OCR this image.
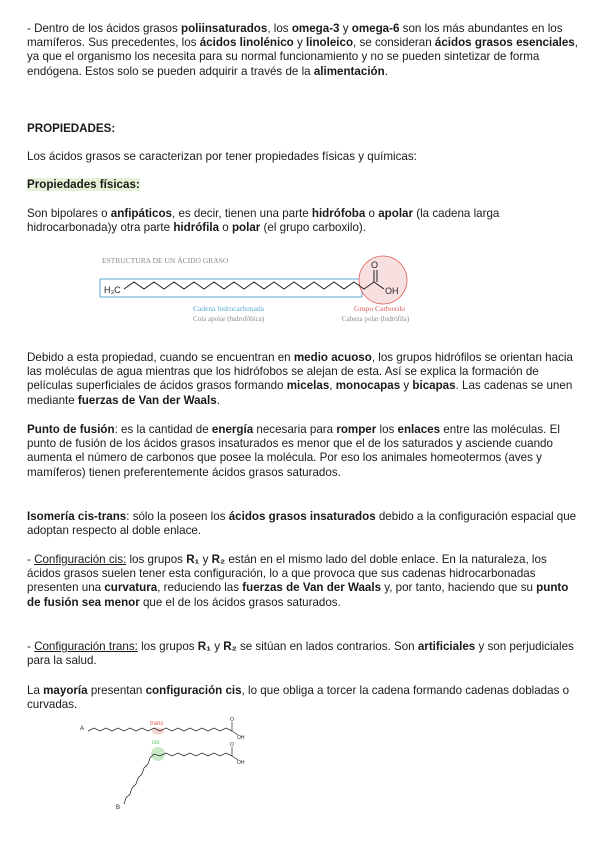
- Dentro de los ácidos grasos poliinsaturados, los omega-3 y omega-6 son los más abundantes en los mamíferos. Sus precedentes, los ácidos linolénico y linoleico, se consideran ácidos grasos esenciales, ya que el organismo los necesita para su normal funcionamiento y no se pueden sintetizar de forma endógena. Estos solo se pueden adquirir a través de la alimentación.

PROPIEDADES:

Los ácidos grasos se caracterizan por tener propiedades físicas y químicas:

Propiedades físicas:

Son bipolares o anfipáticos, es decir, tienen una parte hidrófoba o apolar (la cadena larga hidrocarbonada)y otra parte hidrófila o polar (el grupo carboxilo).

ESTRUCTURA DE UN ÁCIDO GRASO
H₃C
O
OH
Cadena hidrocarbonada
Cola apolar (hidrofóbica)
Grupo Carboxilo
Cabeza polar (hidrófila)

Debido a esta propiedad, cuando se encuentran en medio acuoso, los grupos hidrófilos se orientan hacia las moléculas de agua mientras que los hidrófobos se alejan de esta. Así se explica la formación de películas superficiales de ácidos grasos formando micelas, monocapas y bicapas. Las cadenas se unen mediante fuerzas de Van der Waals.

Punto de fusión: es la cantidad de energía necesaria para romper los enlaces entre las moléculas. El punto de fusión de los ácidos grasos insaturados es menor que el de los saturados y asciende cuando aumenta el número de carbonos que posee la molécula. Por eso los animales homeotermos (aves y mamíferos) tienen preferentemente ácidos grasos saturados.

Isomería cis-trans: sólo la poseen los ácidos grasos insaturados debido a la configuración espacial que adoptan respecto al doble enlace.

- Configuración cis: los grupos R₁ y R₂ están en el mismo lado del doble enlace. En la naturaleza, los ácidos grasos suelen tener esta configuración, lo a que provoca que sus cadenas hidrocarbonadas presenten una curvatura, reduciendo las fuerzas de Van der Waals y, por tanto, haciendo que su punto de fusión sea menor que el de los ácidos grasos saturados.

- Configuración trans: los grupos R₁ y R₂ se sitúan en lados contrarios. Son artificiales y son perjudiciales para la salud.

La mayoría presentan configuración cis, lo que obliga a torcer la cadena formando cadenas dobladas o curvadas.

A
trans
O
OH
cis	O
OH
B
